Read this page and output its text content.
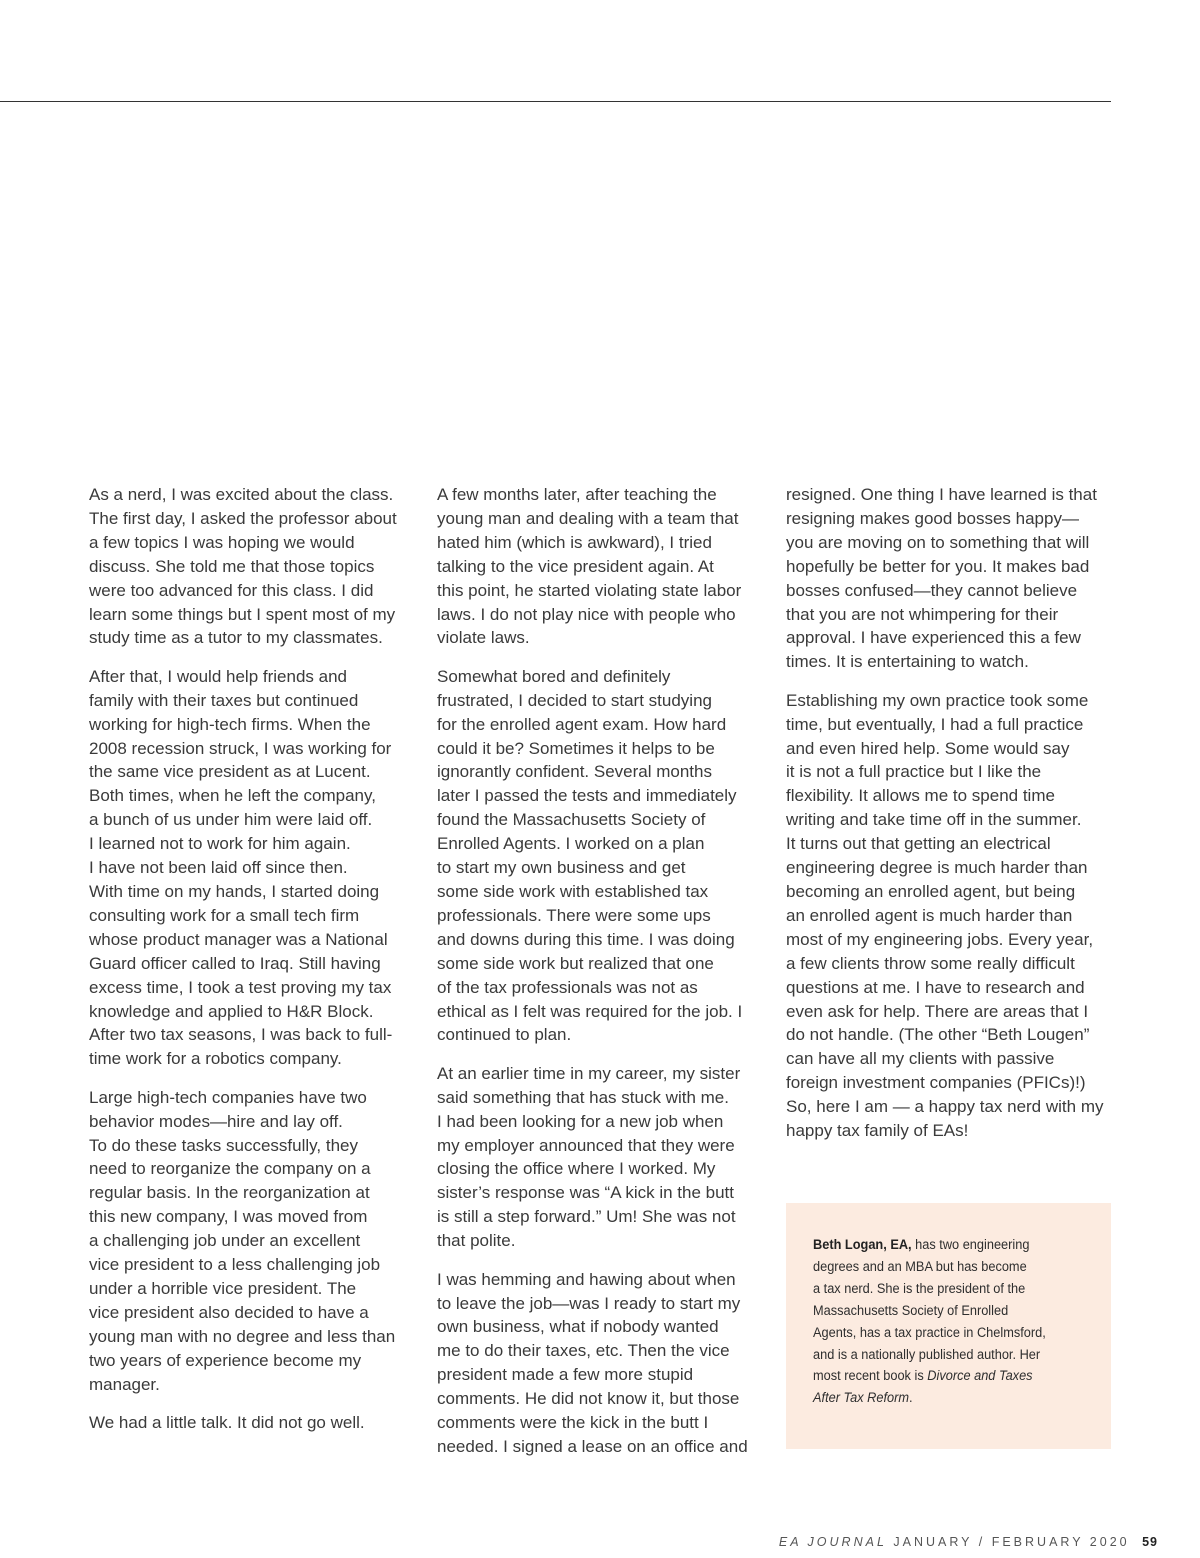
As a nerd, I was excited about the class.
The first day, I asked the professor about
a few topics I was hoping we would
discuss. She told me that those topics
were too advanced for this class. I did
learn some things but I spent most of my
study time as a tutor to my classmates.

After that, I would help friends and
family with their taxes but continued
working for high-tech firms. When the
2008 recession struck, I was working for
the same vice president as at Lucent.
Both times, when he left the company,
a bunch of us under him were laid off.
I learned not to work for him again.
I have not been laid off since then.
With time on my hands, I started doing
consulting work for a small tech firm
whose product manager was a National
Guard officer called to Iraq. Still having
excess time, I took a test proving my tax
knowledge and applied to H&R Block.
After two tax seasons, I was back to full-
time work for a robotics company.

Large high-tech companies have two
behavior modes—hire and lay off.
To do these tasks successfully, they
need to reorganize the company on a
regular basis. In the reorganization at
this new company, I was moved from
a challenging job under an excellent
vice president to a less challenging job
under a horrible vice president. The
vice president also decided to have a
young man with no degree and less than
two years of experience become my
manager.

We had a little talk. It did not go well.

A few months later, after teaching the
young man and dealing with a team that
hated him (which is awkward), I tried
talking to the vice president again. At
this point, he started violating state labor
laws. I do not play nice with people who
violate laws.

Somewhat bored and definitely
frustrated, I decided to start studying
for the enrolled agent exam. How hard
could it be? Sometimes it helps to be
ignorantly confident. Several months
later I passed the tests and immediately
found the Massachusetts Society of
Enrolled Agents. I worked on a plan
to start my own business and get
some side work with established tax
professionals. There were some ups
and downs during this time. I was doing
some side work but realized that one
of the tax professionals was not as
ethical as I felt was required for the job. I
continued to plan.

At an earlier time in my career, my sister
said something that has stuck with me.
I had been looking for a new job when
my employer announced that they were
closing the office where I worked. My
sister’s response was “A kick in the butt
is still a step forward.” Um! She was not
that polite.

I was hemming and hawing about when
to leave the job—was I ready to start my
own business, what if nobody wanted
me to do their taxes, etc. Then the vice
president made a few more stupid
comments. He did not know it, but those
comments were the kick in the butt I
needed. I signed a lease on an office and

resigned. One thing I have learned is that
resigning makes good bosses happy—
you are moving on to something that will
hopefully be better for you. It makes bad
bosses confused—they cannot believe
that you are not whimpering for their
approval. I have experienced this a few
times. It is entertaining to watch.

Establishing my own practice took some
time, but eventually, I had a full practice
and even hired help. Some would say
it is not a full practice but I like the
flexibility. It allows me to spend time
writing and take time off in the summer.
It turns out that getting an electrical
engineering degree is much harder than
becoming an enrolled agent, but being
an enrolled agent is much harder than
most of my engineering jobs. Every year,
a few clients throw some really difficult
questions at me. I have to research and
even ask for help. There are areas that I
do not handle. (The other “Beth Lougen”
can have all my clients with passive
foreign investment companies (PFICs)!)
So, here I am — a happy tax nerd with my
happy tax family of EAs!

Beth Logan, EA, has two engineering
degrees and an MBA but has become
a tax nerd. She is the president of the
Massachusetts Society of Enrolled
Agents, has a tax practice in Chelmsford,
and is a nationally published author. Her
most recent book is Divorce and Taxes
After Tax Reform.
EA JOURNAL JANUARY / FEBRUARY 2020 59
